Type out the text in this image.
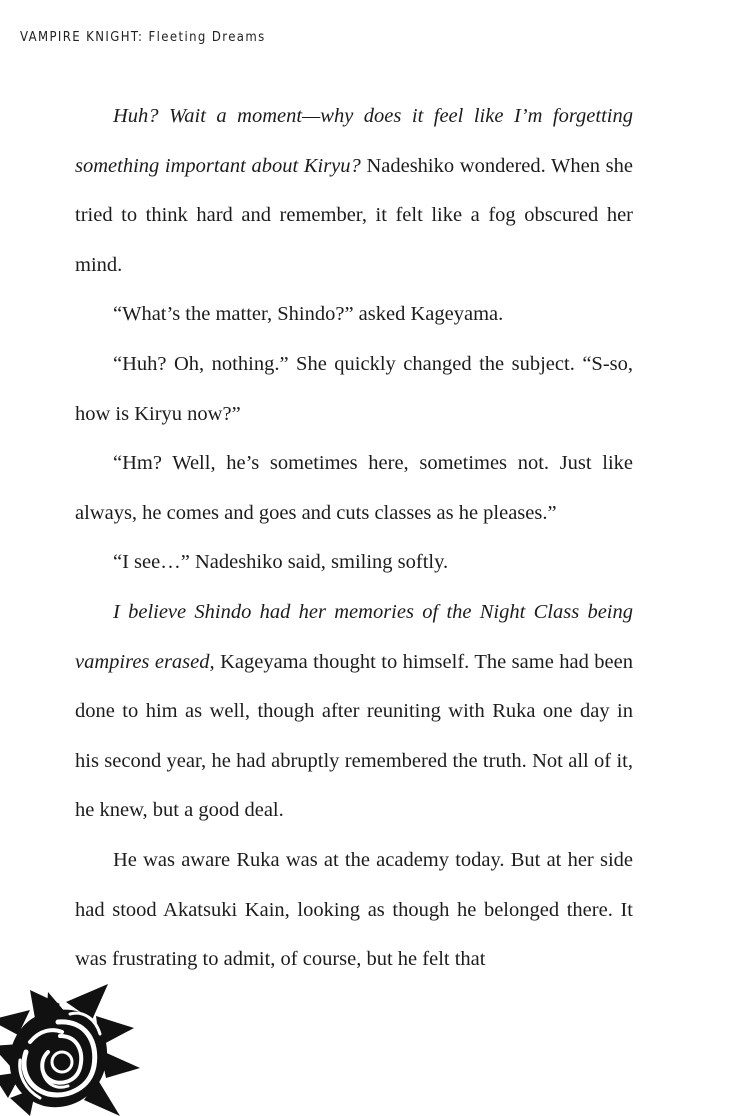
VAMPIRE KNIGHT: Fleeting Dreams

Huh? Wait a moment—why does it feel like I’m forgetting something important about Kiryu? Nadeshiko wondered. When she tried to think hard and remember, it felt like a fog obscured her mind.

“What’s the matter, Shindo?” asked Kageyama.

“Huh? Oh, nothing.” She quickly changed the subject. “S-so, how is Kiryu now?”

“Hm? Well, he’s sometimes here, sometimes not. Just like always, he comes and goes and cuts classes as he pleases.”

“I see…” Nadeshiko said, smiling softly.

I believe Shindo had her memories of the Night Class being vampires erased, Kageyama thought to himself. The same had been done to him as well, though after reuniting with Ruka one day in his second year, he had abruptly remembered the truth. Not all of it, he knew, but a good deal.

He was aware Ruka was at the academy today. But at her side had stood Akatsuki Kain, looking as though he belonged there. It was frustrating to admit, of course, but he felt that
